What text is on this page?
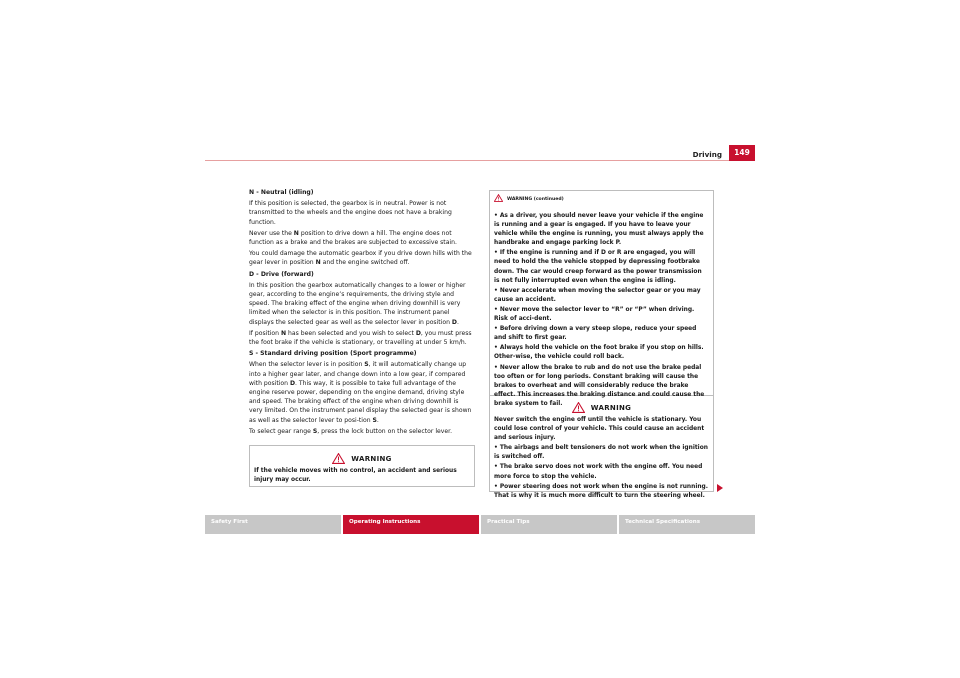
Driving	149

N - Neutral (idling)

If this position is selected, the gearbox is in neutral. Power is not transmitted to the wheels and the engine does not have a braking function.

Never use the N position to drive down a hill. The engine does not function as a brake and the brakes are subjected to excessive stain.

You could damage the automatic gearbox if you drive down hills with the gear lever in position N and the engine switched off.

D - Drive (forward)

In this position the gearbox automatically changes to a lower or higher gear, according to the engine’s requirements, the driving style and speed. The braking effect of the engine when driving downhill is very limited when the selector is in this position. The instrument panel displays the selected gear as well as the selector lever in position D.

If position N has been selected and you wish to select D, you must press the foot brake if the vehicle is stationary, or travelling at under 5 km/h.

S - Standard driving position (Sport programme)

When the selector lever is in position S, it will automatically change up into a higher gear later, and change down into a low gear, if compared with position D. This way, it is possible to take full advantage of the engine reserve power, depending on the engine demand, driving style and speed. The braking effect of the engine when driving downhill is very limited. On the instrument panel display the selected gear is shown as well as the selector lever to posi-tion S.

To select gear range S, press the lock button on the selector lever.

WARNING
If the vehicle moves with no control, an accident and serious injury may occur.
WARNING (continued)

• As a driver, you should never leave your vehicle if the engine is running and a gear is engaged. If you have to leave your vehicle while the engine is running, you must always apply the handbrake and engage parking lock P.

• If the engine is running and if D or R are engaged, you will need to hold the the vehicle stopped by depressing footbrake down. The car would creep forward as the power transmission is not fully interrupted even when the engine is idling.

• Never accelerate when moving the selector gear or you may cause an accident.

• Never move the selector lever to “R” or “P” when driving. Risk of acci-dent.

• Before driving down a very steep slope, reduce your speed and shift to first gear.

• Always hold the vehicle on the foot brake if you stop on hills. Other-wise, the vehicle could roll back.

• Never allow the brake to rub and do not use the brake pedal too often or for long periods. Constant braking will cause the brakes to overheat and will considerably reduce the brake effect. This increases the braking distance and could cause the brake system to fail.	WARNING

Never switch the engine off until the vehicle is stationary. You could lose control of your vehicle. This could cause an accident and serious injury.

• The airbags and belt tensioners do not work when the ignition is switched off.

• The brake servo does not work with the engine off. You need more force to stop the vehicle.

• Power steering does not work when the engine is not running. That is why it is much more difficult to turn the steering wheel.

Safety First	Operating Instructions	Practical Tips	Technical Specifications
